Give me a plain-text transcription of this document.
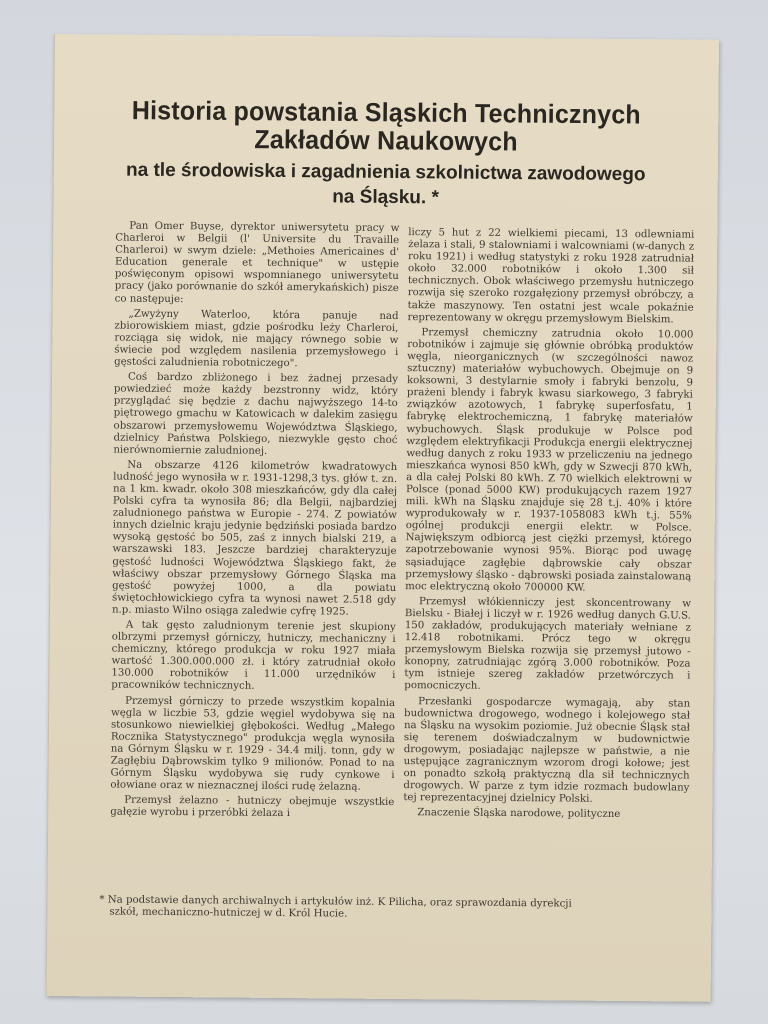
Historia powstania Sląskich Technicznych
Zakładów Naukowych
na tle środowiska i zagadnienia szkolnictwa zawodowego
na Śląsku. *

Pan Omer Buyse, dyrektor uniwersytetu pracy w Charleroi w Belgii (l' Universite du Travaille Charleroi) w swym dziele: „Methoies Americaines d' Education generale et technique" w ustępie poświęconym opisowi wspomnianego uniwersytetu pracy (jako porównanie do szkół amerykańskich) pisze co następuje:

„Zwyżyny Waterloo, która panuje nad zbiorowiskiem miast, gdzie pośrodku leży Charleroi, rozciąga się widok, nie mający równego sobie w świecie pod względem nasilenia przemysłowego i gęstości zaludnienia robotniczego".

Coś bardzo zbliżonego i bez żadnej przesady powiedzieć może każdy bezstronny widz, który przyglądać się będzie z dachu najwyższego 14-to piętrowego gmachu w Katowicach w dalekim zasięgu obszarowi przemysłowemu Województwa Śląskiego, dzielnicy Państwa Polskiego, niezwykle gęsto choć nierównomiernie zaludnionej.

Na obszarze 4126 kilometrów kwadratowych ludność jego wynosiła w r. 1931-1298,3 tys. głów t. zn. na 1 km. kwadr. około 308 mieszkańców, gdy dla całej Polski cyfra ta wynosiła 86; dla Belgii, najbardziej zaludnionego państwa w Europie - 274. Z powiatów innych dzielnic kraju jedynie będziński posiada bardzo wysoką gęstość bo 505, zaś z innych bialski 219, a warszawski 183. Jeszcze bardziej charakteryzuje gęstość ludności Województwa Śląskiego fakt, że właściwy obszar przemysłowy Górnego Śląska ma gęstość powyżej 1000, a dla powiatu świętochłowickiego cyfra ta wynosi nawet 2.518 gdy n.p. miasto Wilno osiąga zaledwie cyfrę 1925.

A tak gęsto zaludnionym terenie jest skupiony olbrzymi przemysł górniczy, hutniczy, mechaniczny i chemiczny, którego produkcja w roku 1927 miała wartość 1.300.000.000 zł. i który zatrudniał około 130.000 robotników i 11.000 urzędników i pracowników technicznych.

Przemysł górniczy to przede wszystkim kopalnia węgla w liczbie 53, gdzie węgiel wydobywa się na stosunkowo niewielkiej głębokości. Według „Małego Rocznika Statystycznego" produkcja węgla wynosiła na Górnym Śląsku w r. 1929 - 34.4 milj. tonn, gdy w Zagłębiu Dąbrowskim tylko 9 milionów. Ponad to na Górnym Śląsku wydobywa się rudy cynkowe i ołowiane oraz w nieznacznej ilości rudę żelazną.

Przemysł żelazno - hutniczy obejmuje wszystkie gałęzie wyrobu i przeróbki żelaza i

liczy 5 hut z 22 wielkiemi piecami, 13 odlewniami żelaza i stali, 9 stalowniami i walcowniami (w-danych z roku 1921) i według statystyki z roku 1928 zatrudniał około 32.000 robotników i około 1.300 sił technicznych. Obok właściwego przemysłu hutniczego rozwija się szeroko rozgałęziony przemysł obróbczy, a także maszynowy. Ten ostatni jest wcale pokaźnie reprezentowany w okręgu przemysłowym Bielskim.

Przemysł chemiczny zatrudnia około 10.000 robotników i zajmuje się głównie obróbką produktów węgla, nieorganicznych (w szczególności nawoz sztuczny) materiałów wybuchowych. Obejmuje on 9 koksowni, 3 destylarnie smoły i fabryki benzolu, 9 prażeni blendy i fabryk kwasu siarkowego, 3 fabryki związków azotowych, 1 fabrykę superfosfatu, 1 fabrykę elektrochemiczną, 1 fabrykę materiałów wybuchowych. Śląsk produkuje w Polsce pod względem elektryfikacji Produkcja energii elektrycznej według danych z roku 1933 w przeliczeniu na jednego mieszkańca wynosi 850 kWh, gdy w Szwecji 870 kWh, a dla całej Polski 80 kWh. Z 70 wielkich elektrowni w Polsce (ponad 5000 KW) produkujących razem 1927 mili. kWh na Śląsku znajduje się 28 t.j. 40% i które wyprodukowały w r. 1937-1058083 kWh t.j. 55% ogólnej produkcji energii elektr. w Polsce. Największym odbiorcą jest ciężki przemysł, którego zapotrzebowanie wynosi 95%. Biorąc pod uwagę sąsiadujące zagłębie dąbrowskie cały obszar przemysłowy śląsko - dąbrowski posiada zainstalowaną moc elektryczną około 700000 KW.

Przemysł włókienniczy jest skoncentrowany w Bielsku - Białej i liczył w r. 1926 według danych G.U.S. 150 zakładów, produkujących materiały wełniane z 12.418 robotnikami. Prócz tego w okręgu przemysłowym Bielska rozwija się przemysł jutowo - konopny, zatrudniając zgórą 3.000 robotników. Poza tym istnieje szereg zakładów przetwórczych i pomocniczych.

Przesłanki gospodarcze wymagają, aby stan budownictwa drogowego, wodnego i kolejowego stał na Śląsku na wysokim poziomie. Już obecnie Śląsk stał się terenem doświadczalnym w budownictwie drogowym, posiadając najlepsze w państwie, a nie ustępujące zagranicznym wzorom drogi kołowe; jest on ponadto szkołą praktyczną dla sił technicznych drogowych. W parze z tym idzie rozmach budowlany tej reprezentacyjnej dzielnicy Polski.

Znaczenie Śląska narodowe, polityczne

* Na podstawie danych archiwalnych i artykułów inż. K Pilicha, oraz sprawozdania dyrekcji
szkół, mechaniczno-hutniczej w d. Król Hucie.
